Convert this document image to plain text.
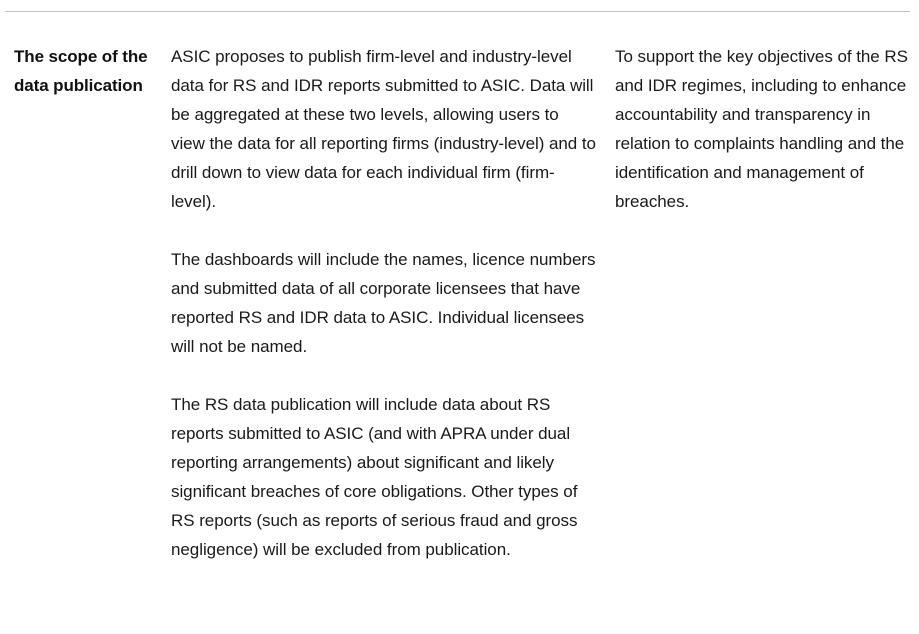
The scope of the data publication

ASIC proposes to publish firm-level and industry-level data for RS and IDR reports submitted to ASIC. Data will be aggregated at these two levels, allowing users to view the data for all reporting firms (industry-level) and to drill down to view data for each individual firm (firm-level).

The dashboards will include the names, licence numbers and submitted data of all corporate licensees that have reported RS and IDR data to ASIC. Individual licensees will not be named.

The RS data publication will include data about RS reports submitted to ASIC (and with APRA under dual reporting arrangements) about significant and likely significant breaches of core obligations. Other types of RS reports (such as reports of serious fraud and gross negligence) will be excluded from publication.

To support the key objectives of the RS and IDR regimes, including to enhance accountability and transparency in relation to complaints handling and the identification and management of breaches.
